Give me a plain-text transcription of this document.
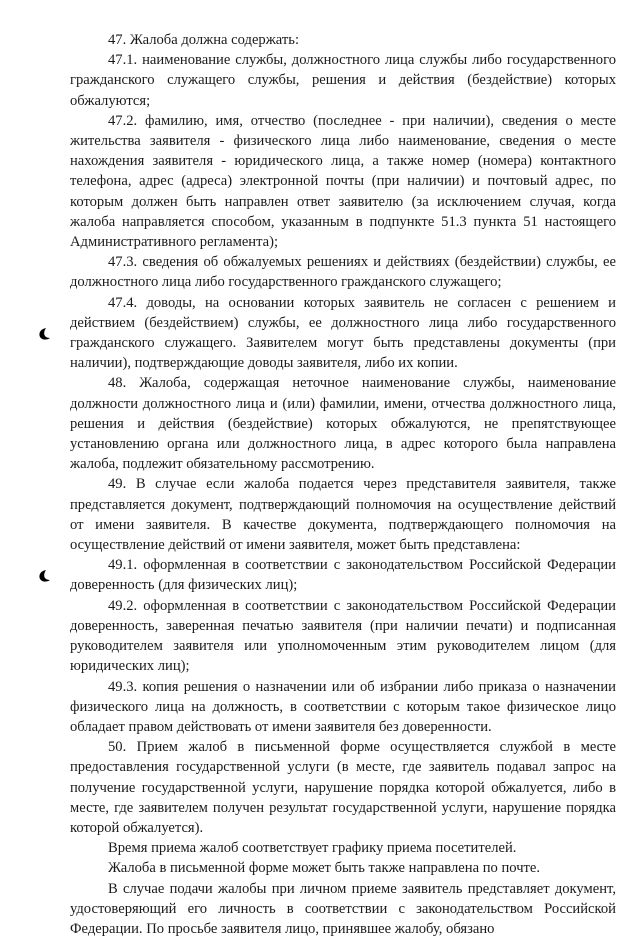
47. Жалоба должна содержать:

47.1. наименование службы, должностного лица службы либо государственного гражданского служащего службы, решения и действия (бездействие) которых обжалуются;

47.2. фамилию, имя, отчество (последнее - при наличии), сведения о месте жительства заявителя - физического лица либо наименование, сведения о месте нахождения заявителя - юридического лица, а также номер (номера) контактного телефона, адрес (адреса) электронной почты (при наличии) и почтовый адрес, по которым должен быть направлен ответ заявителю (за исключением случая, когда жалоба направляется способом, указанным в подпункте 51.3 пункта 51 настоящего Административного регламента);

47.3. сведения об обжалуемых решениях и действиях (бездействии) службы, ее должностного лица либо государственного гражданского служащего;

47.4. доводы, на основании которых заявитель не согласен с решением и действием (бездействием) службы, ее должностного лица либо государственного гражданского служащего. Заявителем могут быть представлены документы (при наличии), подтверждающие доводы заявителя, либо их копии.

48. Жалоба, содержащая неточное наименование службы, наименование должности должностного лица и (или) фамилии, имени, отчества должностного лица, решения и действия (бездействие) которых обжалуются, не препятствующее установлению органа или должностного лица, в адрес которого была направлена жалоба, подлежит обязательному рассмотрению.

49. В случае если жалоба подается через представителя заявителя, также представляется документ, подтверждающий полномочия на осуществление действий от имени заявителя. В качестве документа, подтверждающего полномочия на осуществление действий от имени заявителя, может быть представлена:

49.1. оформленная в соответствии с законодательством Российской Федерации доверенность (для физических лиц);

49.2. оформленная в соответствии с законодательством Российской Федерации доверенность, заверенная печатью заявителя (при наличии печати) и подписанная руководителем заявителя или уполномоченным этим руководителем лицом (для юридических лиц);

49.3. копия решения о назначении или об избрании либо приказа о назначении физического лица на должность, в соответствии с которым такое физическое лицо обладает правом действовать от имени заявителя без доверенности.

50. Прием жалоб в письменной форме осуществляется службой в месте предоставления государственной услуги (в месте, где заявитель подавал запрос на получение государственной услуги, нарушение порядка которой обжалуется, либо в месте, где заявителем получен результат государственной услуги, нарушение порядка которой обжалуется).

Время приема жалоб соответствует графику приема посетителей.

Жалоба в письменной форме может быть также направлена по почте.

В случае подачи жалобы при личном приеме заявитель представляет документ, удостоверяющий его личность в соответствии с законодательством Российской Федерации. По просьбе заявителя лицо, принявшее жалобу, обязано
